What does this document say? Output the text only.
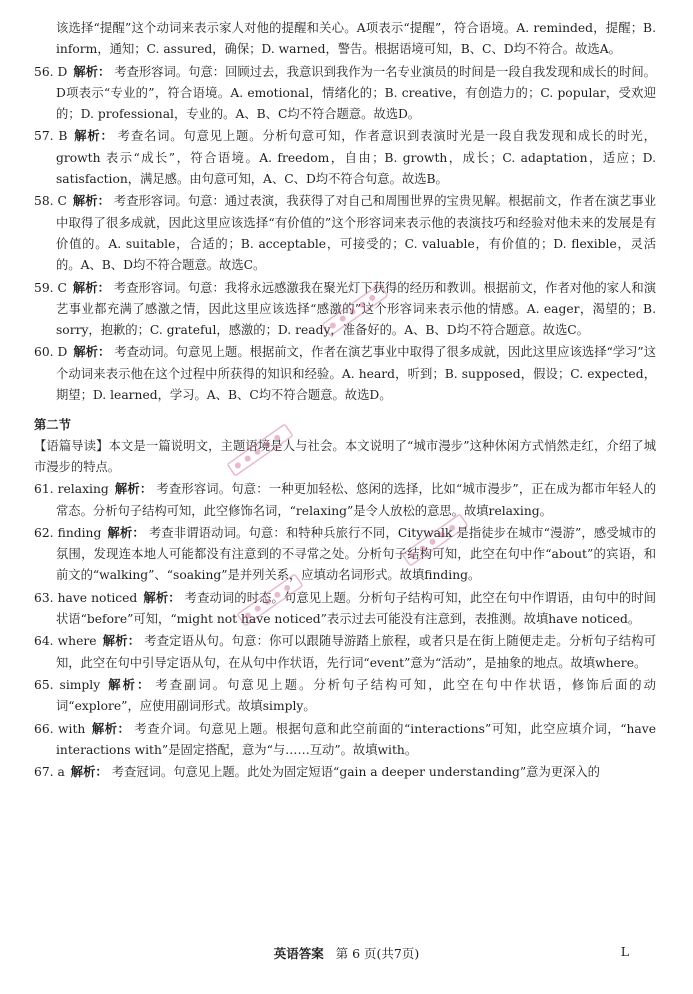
该选择“提醒”这个动词来表示家人对他的提醒和关心。A项表示“提醒”，符合语境。A. reminded，提醒；B. inform，通知；C. assured，确保；D. warned，警告。根据语境可知，B、C、D均不符合。故选A。

56. D 解析： 考查形容词。句意：回顾过去，我意识到我作为一名专业演员的时间是一段自我发现和成长的时间。D项表示“专业的”，符合语境。A. emotional，情绪化的；B. creative，有创造力的；C. popular，受欢迎的；D. professional，专业的。A、B、C均不符合题意。故选D。

57. B 解析： 考查名词。句意见上题。分析句意可知，作者意识到表演时光是一段自我发现和成长的时光，growth 表示“成长”，符合语境。A. freedom，自由；B. growth，成长；C. adaptation，适应；D. satisfaction，满足感。由句意可知，A、C、D均不符合句意。故选B。

58. C 解析： 考查形容词。句意：通过表演，我获得了对自己和周围世界的宝贵见解。根据前文，作者在演艺事业中取得了很多成就，因此这里应该选择“有价值的”这个形容词来表示他的表演技巧和经验对他未来的发展是有价值的。A. suitable，合适的；B. acceptable，可接受的；C. valuable，有价值的；D. flexible，灵活的。A、B、D均不符合题意。故选C。

59. C 解析： 考查形容词。句意：我将永远感激我在聚光灯下获得的经历和教训。根据前文，作者对他的家人和演艺事业都充满了感激之情，因此这里应该选择“感激的”这个形容词来表示他的情感。A. eager，渴望的；B. sorry，抱歉的；C. grateful，感激的；D. ready，准备好的。A、B、D均不符合题意。故选C。

60. D 解析： 考查动词。句意见上题。根据前文，作者在演艺事业中取得了很多成就，因此这里应该选择“学习”这个动词来表示他在这个过程中所获得的知识和经验。A. heard，听到；B. supposed，假设；C. expected，期望；D. learned，学习。A、B、C均不符合题意。故选D。

第二节

【语篇导读】本文是一篇说明文，主题语境是人与社会。本文说明了“城市漫步”这种休闲方式悄然走红，介绍了城市漫步的特点。

61. relaxing 解析： 考查形容词。句意：一种更加轻松、悠闲的选择，比如“城市漫步”，正在成为都市年轻人的常态。分析句子结构可知，此空修饰名词，“relaxing”是令人放松的意思。故填relaxing。

62. finding 解析： 考查非谓语动词。句意：和特种兵旅行不同，Citywalk 是指徒步在城市“漫游”，感受城市的氛围，发现连本地人可能都没有注意到的不寻常之处。分析句子结构可知，此空在句中作“about”的宾语，和前文的“walking”、“soaking”是并列关系，应填动名词形式。故填finding。

63. have noticed 解析： 考查动词的时态。句意见上题。分析句子结构可知，此空在句中作谓语，由句中的时间状语“before”可知，“might not have noticed”表示过去可能没有注意到，表推测。故填have noticed。

64. where 解析： 考查定语从句。句意：你可以跟随导游踏上旅程，或者只是在街上随便走走。分析句子结构可知，此空在句中引导定语从句，在从句中作状语，先行词“event”意为“活动”，是抽象的地点。故填where。

65. simply 解析： 考查副词。句意见上题。分析句子结构可知，此空在句中作状语，修饰后面的动词“explore”，应使用副词形式。故填simply。

66. with 解析： 考查介词。句意见上题。根据句意和此空前面的“interactions”可知，此空应填介词，“have interactions with”是固定搭配，意为“与……互动”。故填with。

67. a 解析： 考查冠词。句意见上题。此处为固定短语“gain a deeper understanding”意为更深入的

英语答案 第 6 页(共7页)	L
